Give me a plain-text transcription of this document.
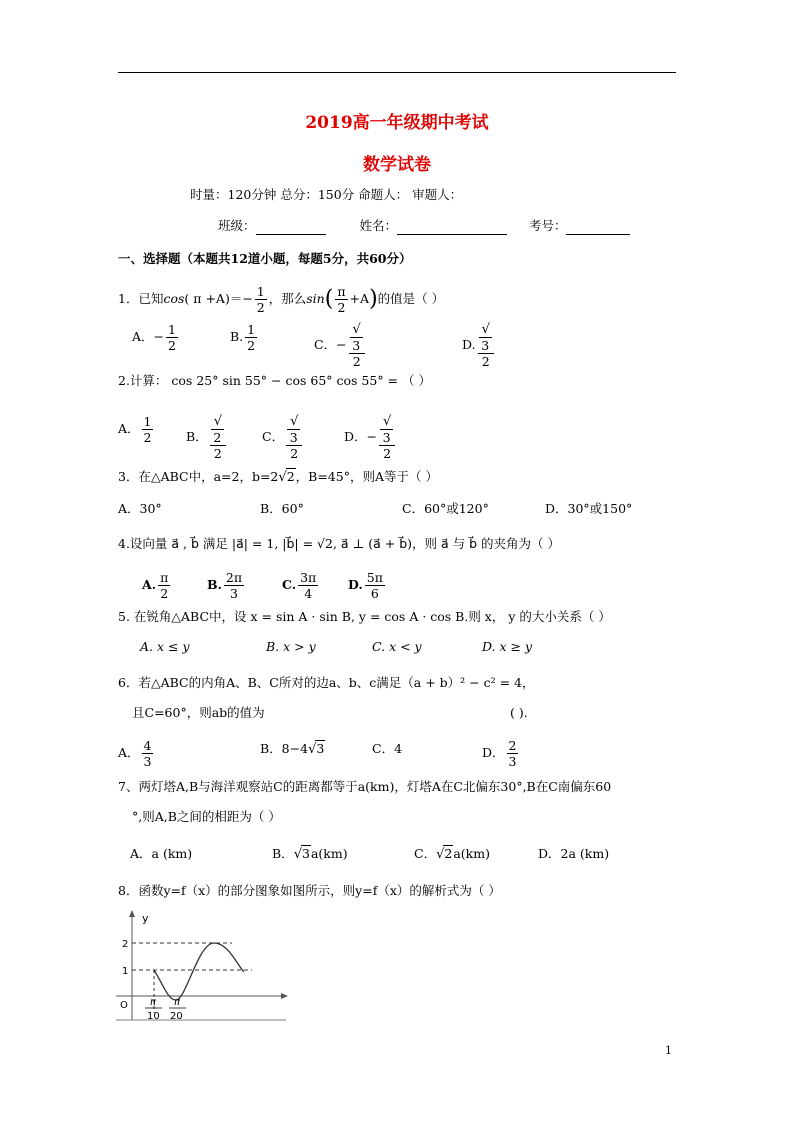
2019高一年级期中考试
数学试卷
时量：120分钟 总分：150分 命题人： 审题人：
班级：	姓名：	考号：
一、选择题（本题共12道小题，每题5分，共60分）
1．已知cos( $\pi +A)=- \frac{1}{2}$ ，那么$\sin( \frac{\pi}{2} +A)$的值是（ ）
A．− $\frac{1}{2}$	B. $\frac{1}{2}$	C．− √
3
2	D. √
3
2
2.计算： cos 25° sin 55° − cos 65° cos 55° = （ ）
A． $\frac{1}{2}$	B． √
2
2	C． √
3
2	D．− √
3
2
3．在△ABC中，a=2，b=2√2，B=45°，则A等于（ ）
A．30°	B．60°	C．60°或120°	D．30°或150°
4.设向量 a⃗ , b⃗ 满足 |a⃗| = 1, |b⃗| = √2, a⃗ ⊥ (a⃗ + b⃗)，则 a⃗ 与 b⃗ 的夹角为（ ）
A. $\frac{\pi}{2}$	B. $\frac{2\pi}{3}$	C. $\frac{3\pi}{4} D$. $\frac{5\pi}{6}$
5. 在锐角△ABC中，设 x = sin A · sin B, y = cos A · cos B.则 x， y 的大小关系（ ）
A. x ≤ y	B. x > y	C. x < y	D. x ≥ y
6．若△ABC的内角A、B、C所对的边a、b、c满足（a + b）² − c² = 4，
且C=60°，则ab的值为	( ).
A． $\frac{4}{3}$	B．8−4√3	C．4	D． $\frac{2}{3}$
7、两灯塔A,B与海洋观察站C的距离都等于a(km)，灯塔A在C北偏东30°,B在C南偏东60
°,则A,B之间的相距为（ ）
A．a (km)	B．√3a(km)	C．√2a(km)	D．2a (km)
8．函数y=f（x）的部分图象如图所示，则y=f（x）的解析式为（ ）
y
O
2
1
π
10
π
20
1
